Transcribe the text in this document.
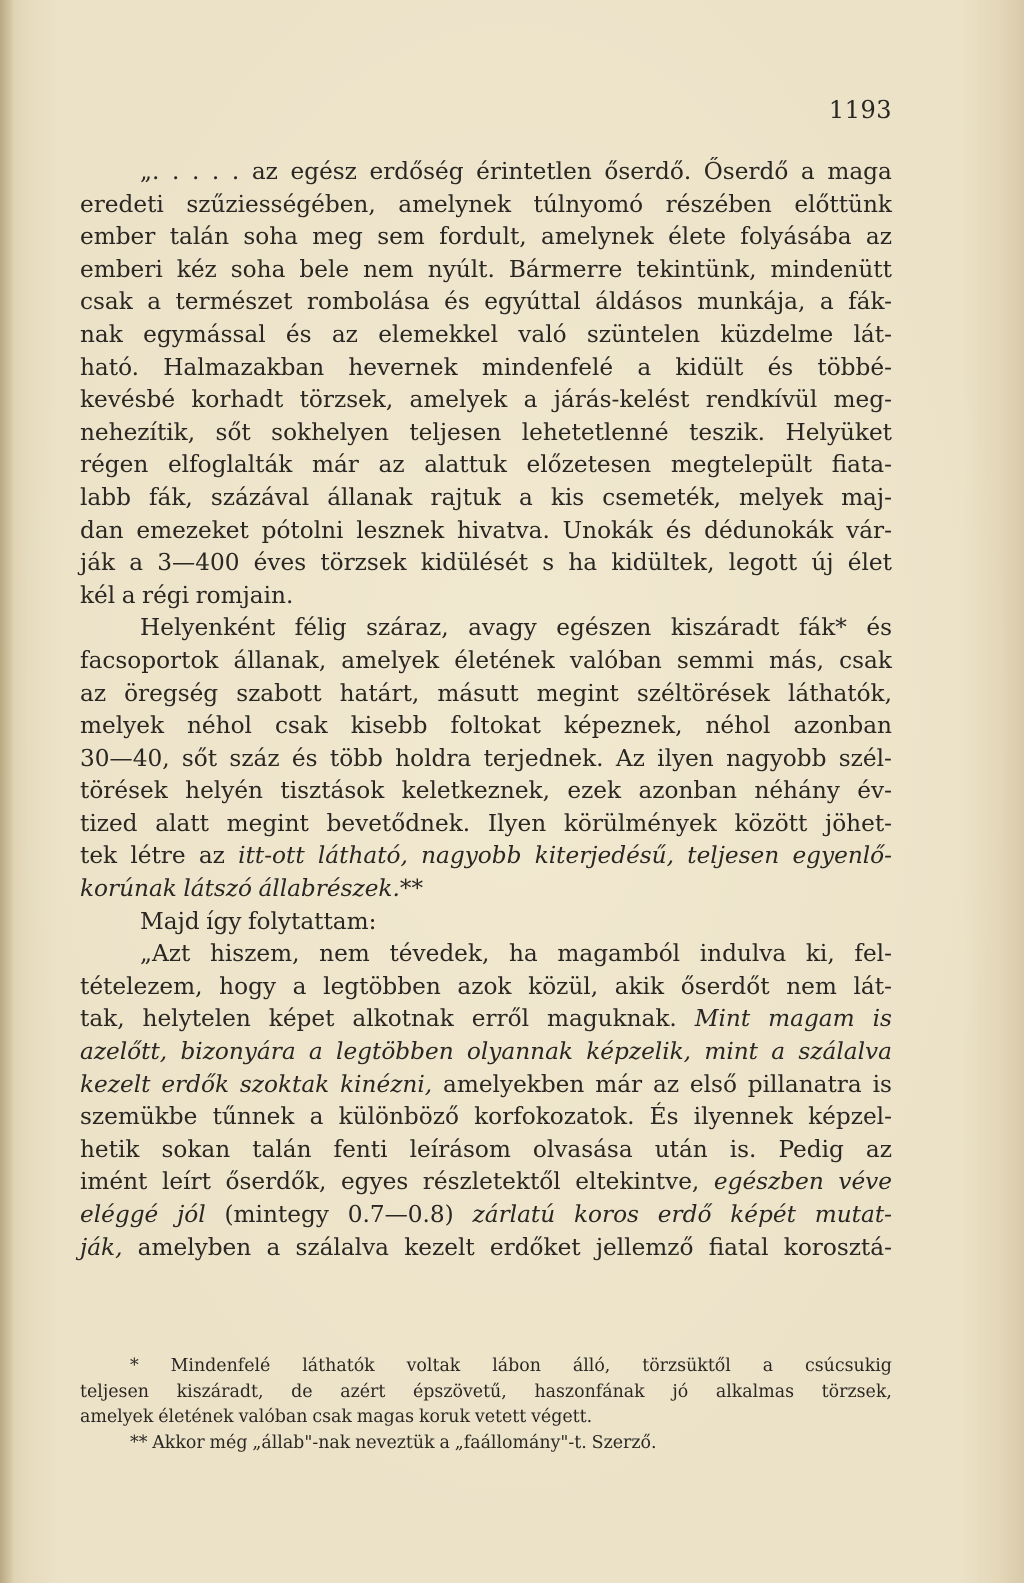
1193
„. . . . . az egész erdőség érintetlen őserdő. Őserdő a maga
eredeti szűziességében, amelynek túlnyomó részében előttünk
ember talán soha meg sem fordult, amelynek élete folyásába az
emberi kéz soha bele nem nyúlt. Bármerre tekintünk, mindenütt
csak a természet rombolása és egyúttal áldásos munkája, a fák-
nak egymással és az elemekkel való szüntelen küzdelme lát-
ható. Halmazakban hevernek mindenfelé a kidült és többé-
kevésbé korhadt törzsek, amelyek a járás-kelést rendkívül meg-
nehezítik, sőt sokhelyen teljesen lehetetlenné teszik. Helyüket
régen elfoglalták már az alattuk előzetesen megtelepült fiata-
labb fák, százával állanak rajtuk a kis csemeték, melyek maj-
dan emezeket pótolni lesznek hivatva. Unokák és dédunokák vár-
ják a 3—400 éves törzsek kidülését s ha kidültek, legott új élet
kél a régi romjain.
Helyenként félig száraz, avagy egészen kiszáradt fák* és
facsoportok állanak, amelyek életének valóban semmi más, csak
az öregség szabott határt, másutt megint széltörések láthatók,
melyek néhol csak kisebb foltokat képeznek, néhol azonban
30—40, sőt száz és több holdra terjednek. Az ilyen nagyobb szél-
törések helyén tisztások keletkeznek, ezek azonban néhány év-
tized alatt megint bevetődnek. Ilyen körülmények között jöhet-
tek létre az itt-ott látható, nagyobb kiterjedésű, teljesen egyenlő-
korúnak látszó állabrészek.**
Majd így folytattam:
„Azt hiszem, nem tévedek, ha magamból indulva ki, fel-
tételezem, hogy a legtöbben azok közül, akik őserdőt nem lát-
tak, helytelen képet alkotnak erről maguknak. Mint magam is
azelőtt, bizonyára a legtöbben olyannak képzelik, mint a szálalva
kezelt erdők szoktak kinézni, amelyekben már az első pillanatra is
szemükbe tűnnek a különböző korfokozatok. És ilyennek képzel-
hetik sokan talán fenti leírásom olvasása után is. Pedig az
imént leírt őserdők, egyes részletektől eltekintve, egészben véve
eléggé jól (mintegy 0.7—0.8) zárlatú koros erdő képét mutat-
ják, amelyben a szálalva kezelt erdőket jellemző fiatal korosztá-
* Mindenfelé láthatók voltak lábon álló, törzsüktől a csúcsukig
teljesen kiszáradt, de azért épszövetű, haszonfának jó alkalmas törzsek,
amelyek életének valóban csak magas koruk vetett végett.
** Akkor még „állab"-nak neveztük a „faállomány"-t. Szerző.
